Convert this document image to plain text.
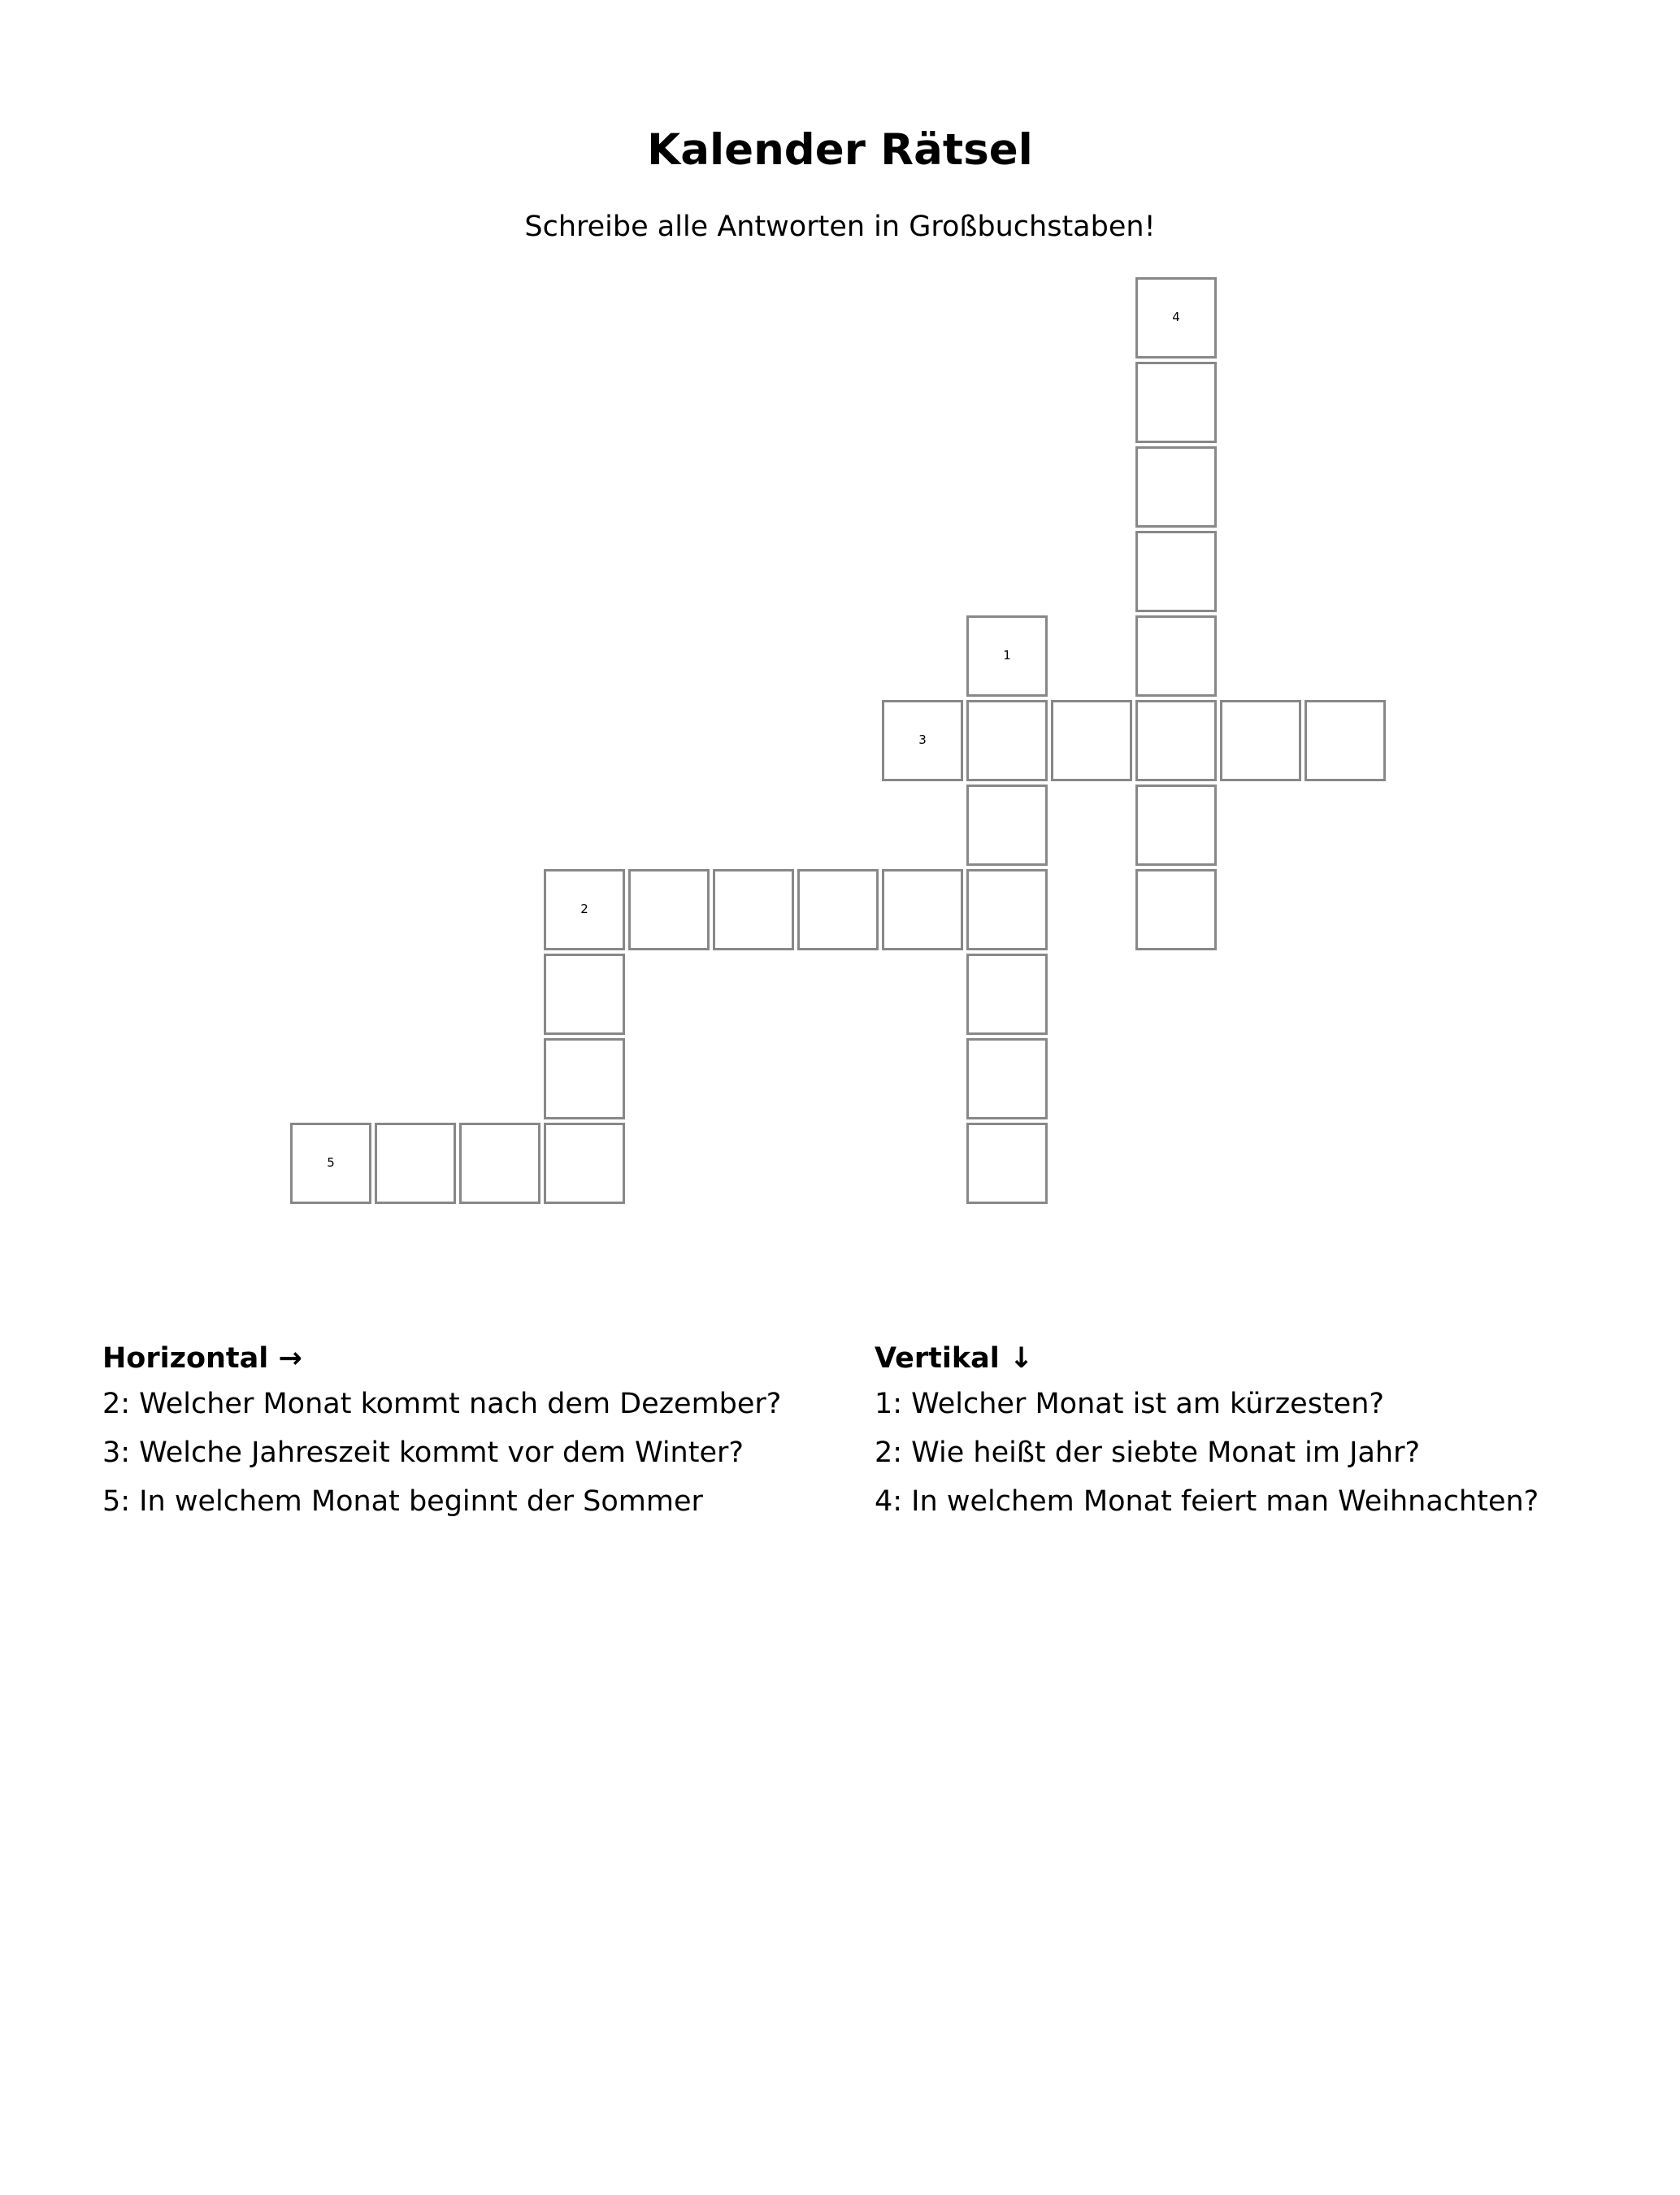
Kalender Rätsel
Schreibe alle Antworten in Großbuchstaben!
4
1
3
2
5
Horizontal →
2: Welcher Monat kommt nach dem Dezember?
3: Welche Jahreszeit kommt vor dem Winter?
5: In welchem Monat beginnt der Sommer
Vertikal ↓
1: Welcher Monat ist am kürzesten?
2: Wie heißt der siebte Monat im Jahr?
4: In welchem Monat feiert man Weihnachten?
